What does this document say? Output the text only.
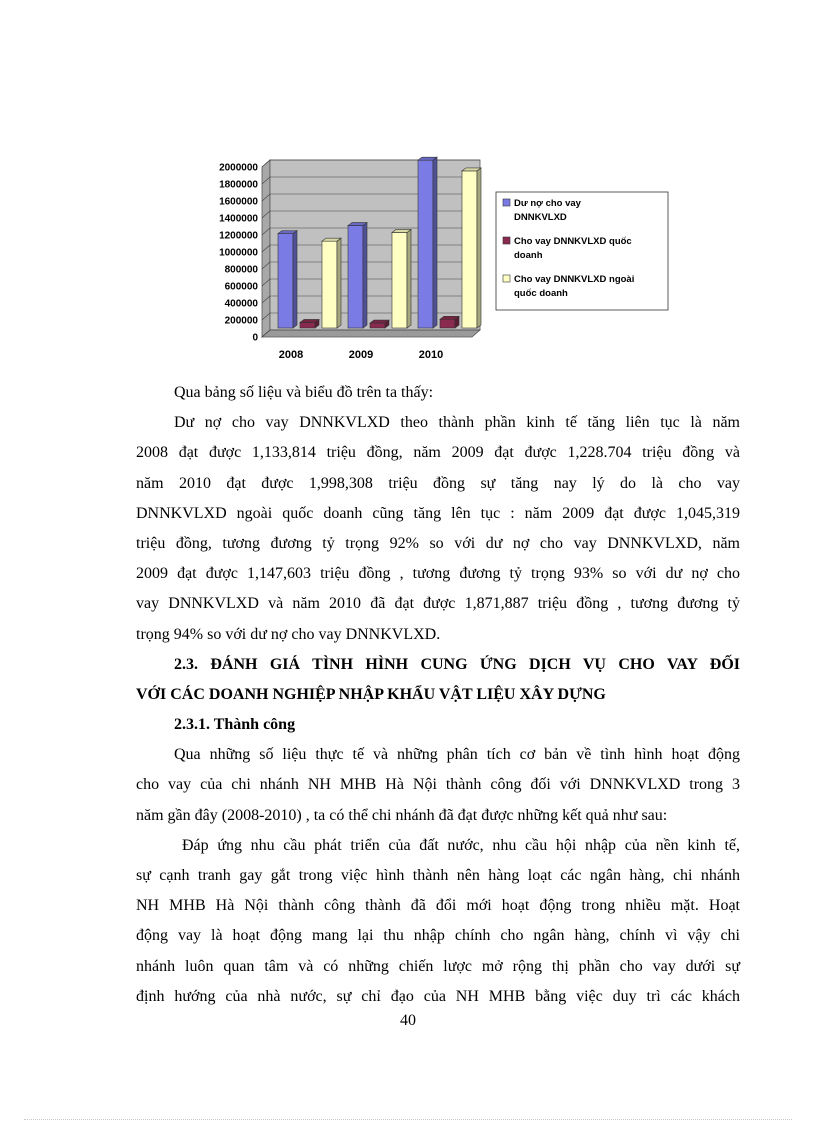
2000000
1800000
1600000
1400000
1200000
1000000
800000
600000
400000
200000
0
2008	2009	2010
Dư nợ cho vay
DNNKVLXD
Cho vay DNNKVLXD quốc
doanh
Cho vay DNNKVLXD ngoài
quốc doanh
Qua bảng số liệu và biểu đồ trên ta thấy:
Dư nợ cho vay DNNKVLXD theo thành phần kinh tế tăng liên tục là năm
2008 đạt được 1,133,814 triệu đồng, năm 2009 đạt được 1,228.704 triệu đồng và
năm 2010 đạt được 1,998,308 triệu đồng sự tăng nay lý do là cho vay
DNNKVLXD ngoài quốc doanh cũng tăng lên tục : năm 2009 đạt được 1,045,319
triệu đồng, tương đương tỷ trọng 92% so với dư nợ cho vay DNNKVLXD, năm
2009 đạt được 1,147,603 triệu đồng , tương đương tỷ trọng 93% so với dư nợ cho
vay DNNKVLXD và năm 2010 đã đạt được 1,871,887 triệu đồng , tương đương tỷ
trọng 94% so với dư nợ cho vay DNNKVLXD.
2.3. ĐÁNH GIÁ TÌNH HÌNH CUNG ỨNG DỊCH VỤ CHO VAY ĐỐI
VỚI CÁC DOANH NGHIỆP NHẬP KHẨU VẬT LIỆU XÂY DỰNG
2.3.1. Thành công
Qua những số liệu thực tế và những phân tích cơ bản về tình hình hoạt động
cho vay của chi nhánh NH MHB Hà Nội thành công đối với DNNKVLXD trong 3
năm gần đây (2008-2010) , ta có thể chi nhánh đã đạt được những kết quả như sau:
Đáp ứng nhu cầu phát triển của đất nước, nhu cầu hội nhập của nền kinh tế,
sự cạnh tranh gay gắt trong việc hình thành nên hàng loạt các ngân hàng, chi nhánh
NH MHB Hà Nội thành công thành đã đổi mới hoạt động trong nhiều mặt. Hoạt
động vay là hoạt động mang lại thu nhập chính cho ngân hàng, chính vì vậy chi
nhánh luôn quan tâm và có những chiến lược mở rộng thị phần cho vay dưới sự
định hướng của nhà nước, sự chỉ đạo của NH MHB bằng việc duy trì các khách
40
